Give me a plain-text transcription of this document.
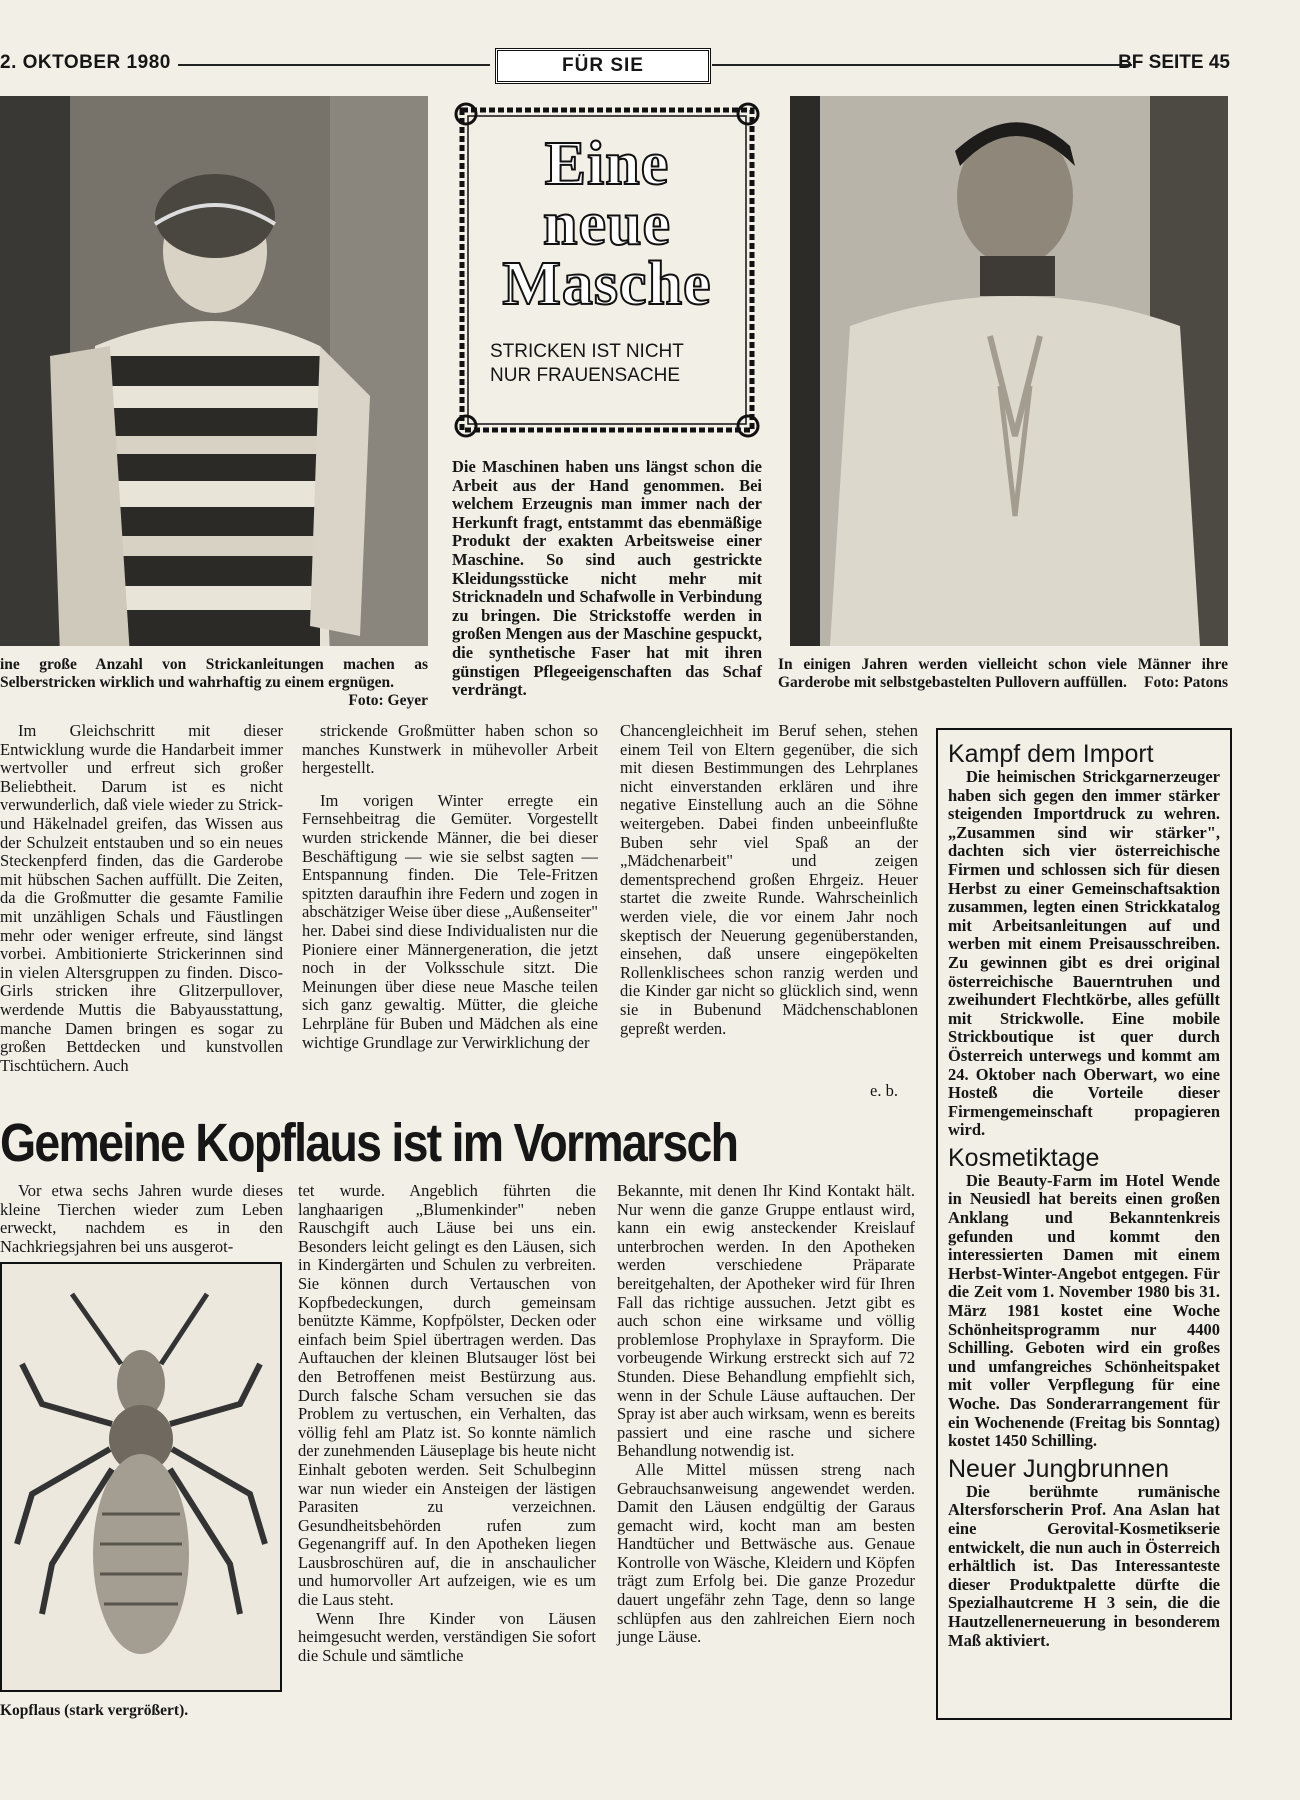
2. OKTOBER 1980	FÜR SIE	BF SEITE 45
Eine
neue
Masche
STRICKEN IST NICHT
NUR FRAUENSACHE
Die Maschinen haben uns längst schon die Arbeit aus der Hand genommen. Bei welchem Erzeugnis man immer nach der Herkunft fragt, entstammt das ebenmäßige Produkt der exakten Arbeitsweise einer Maschine. So sind auch gestrickte Kleidungsstücke nicht mehr mit Stricknadeln und Schafwolle in Verbindung zu bringen. Die Strickstoffe werden in großen Mengen aus der Maschine gespuckt, die synthetische Faser hat mit ihren günstigen Pflegeeigenschaften das Schaf verdrängt.
ine große Anzahl von Strickanleitungen machen as Selberstricken wirklich und wahrhaftig zu einem ergnügen.
Foto: Geyer
In einigen Jahren werden vielleicht schon viele Männer ihre Garderobe mit selbstgebastelten Pullovern auffüllen. Foto: Patons

Im Gleichschritt mit dieser Entwicklung wurde die Handarbeit immer wertvoller und erfreut sich großer Beliebtheit. Darum ist es nicht verwunderlich, daß viele wieder zu Strick- und Häkelnadel greifen, das Wissen aus der Schulzeit entstauben und so ein neues Steckenpferd finden, das die Garderobe mit hübschen Sachen auffüllt. Die Zeiten, da die Großmutter die gesamte Familie mit unzähligen Schals und Fäustlingen mehr oder weniger erfreute, sind längst vorbei. Ambitionierte Strickerinnen sind in vielen Altersgruppen zu finden. Disco-Girls stricken ihre Glitzerpullover, werdende Muttis die Babyausstattung, manche Damen bringen es sogar zu großen Bettdecken und kunstvollen Tischtüchern. Auch

strickende Großmütter haben schon so manches Kunstwerk in mühevoller Arbeit hergestellt.

Im vorigen Winter erregte ein Fernsehbeitrag die Gemüter. Vorgestellt wurden strickende Männer, die bei dieser Beschäftigung — wie sie selbst sagten — Entspannung finden. Die Tele-Fritzen spitzten daraufhin ihre Federn und zogen in abschätziger Weise über diese „Außenseiter" her. Dabei sind diese Individualisten nur die Pioniere einer Männergeneration, die jetzt noch in der Volksschule sitzt. Die Meinungen über diese neue Masche teilen sich ganz gewaltig. Mütter, die gleiche Lehrpläne für Buben und Mädchen als eine wichtige Grundlage zur Verwirklichung der

Chancengleichheit im Beruf sehen, stehen einem Teil von Eltern gegenüber, die sich mit diesen Bestimmungen des Lehrplanes nicht einverstanden erklären und ihre negative Einstellung auch an die Söhne weitergeben. Dabei finden unbeeinflußte Buben sehr viel Spaß an der „Mädchenarbeit" und zeigen dementsprechend großen Ehrgeiz. Heuer startet die zweite Runde. Wahrscheinlich werden viele, die vor einem Jahr noch skeptisch der Neuerung gegenüberstanden, einsehen, daß unsere eingepökelten Rollenklischees schon ranzig werden und die Kinder gar nicht so glücklich sind, wenn sie in Bubenund Mädchenschablonen gepreßt werden.

e. b.
Gemeine Kopflaus ist im Vormarsch

Vor etwa sechs Jahren wurde dieses kleine Tierchen wieder zum Leben erweckt, nachdem es in den Nachkriegsjahren bei uns ausgerot-

Kopflaus (stark vergrößert).

tet wurde. Angeblich führten die langhaarigen „Blumenkinder" neben Rauschgift auch Läuse bei uns ein. Besonders leicht gelingt es den Läusen, sich in Kindergärten und Schulen zu verbreiten. Sie können durch Vertauschen von Kopfbedeckungen, durch gemeinsam benützte Kämme, Kopfpölster, Decken oder einfach beim Spiel übertragen werden. Das Auftauchen der kleinen Blutsauger löst bei den Betroffenen meist Bestürzung aus. Durch falsche Scham versuchen sie das Problem zu vertuschen, ein Verhalten, das völlig fehl am Platz ist. So konnte nämlich der zunehmenden Läuseplage bis heute nicht Einhalt geboten werden. Seit Schulbeginn war nun wieder ein Ansteigen der lästigen Parasiten zu verzeichnen. Gesundheitsbehörden rufen zum Gegenangriff auf. In den Apotheken liegen Lausbroschüren auf, die in anschaulicher und humorvoller Art aufzeigen, wie es um die Laus steht.

Wenn Ihre Kinder von Läusen heimgesucht werden, verständigen Sie sofort die Schule und sämtliche

Bekannte, mit denen Ihr Kind Kontakt hält. Nur wenn die ganze Gruppe entlaust wird, kann ein ewig ansteckender Kreislauf unterbrochen werden. In den Apotheken werden verschiedene Präparate bereitgehalten, der Apotheker wird für Ihren Fall das richtige aussuchen. Jetzt gibt es auch schon eine wirksame und völlig problemlose Prophylaxe in Sprayform. Die vorbeugende Wirkung erstreckt sich auf 72 Stunden. Diese Behandlung empfiehlt sich, wenn in der Schule Läuse auftauchen. Der Spray ist aber auch wirksam, wenn es bereits passiert und eine rasche und sichere Behandlung notwendig ist.

Alle Mittel müssen streng nach Gebrauchsanweisung angewendet werden. Damit den Läusen endgültig der Garaus gemacht wird, kocht man am besten Handtücher und Bettwäsche aus. Genaue Kontrolle von Wäsche, Kleidern und Köpfen trägt zum Erfolg bei. Die ganze Prozedur dauert ungefähr zehn Tage, denn so lange schlüpfen aus den zahlreichen Eiern noch junge Läuse.

Kampf dem Import
Die heimischen Strickgarnerzeuger haben sich gegen den immer stärker steigenden Importdruck zu wehren. „Zusammen sind wir stärker", dachten sich vier österreichische Firmen und schlossen sich für diesen Herbst zu einer Gemeinschaftsaktion zusammen, legten einen Strickkatalog mit Arbeitsanleitungen auf und werben mit einem Preisausschreiben. Zu gewinnen gibt es drei original österreichische Bauerntruhen und zweihundert Flechtkörbe, alles gefüllt mit Strickwolle. Eine mobile Strickboutique ist quer durch Österreich unterwegs und kommt am 24. Oktober nach Oberwart, wo eine Hosteß die Vorteile dieser Firmengemeinschaft propagieren wird.
Kosmetiktage
Die Beauty-Farm im Hotel Wende in Neusiedl hat bereits einen großen Anklang und Bekanntenkreis gefunden und kommt den interessierten Damen mit einem Herbst-Winter-Angebot entgegen. Für die Zeit vom 1. November 1980 bis 31. März 1981 kostet eine Woche Schönheitsprogramm nur 4400 Schilling. Geboten wird ein großes und umfangreiches Schönheitspaket mit voller Verpflegung für eine Woche. Das Sonderarrangement für ein Wochenende (Freitag bis Sonntag) kostet 1450 Schilling.
Neuer Jungbrunnen
Die berühmte rumänische Altersforscherin Prof. Ana Aslan hat eine Gerovital-Kosmetikserie entwickelt, die nun auch in Österreich erhältlich ist. Das Interessanteste dieser Produktpalette dürfte die Spezialhautcreme H 3 sein, die die Hautzellenerneuerung in besonderem Maß aktiviert.
